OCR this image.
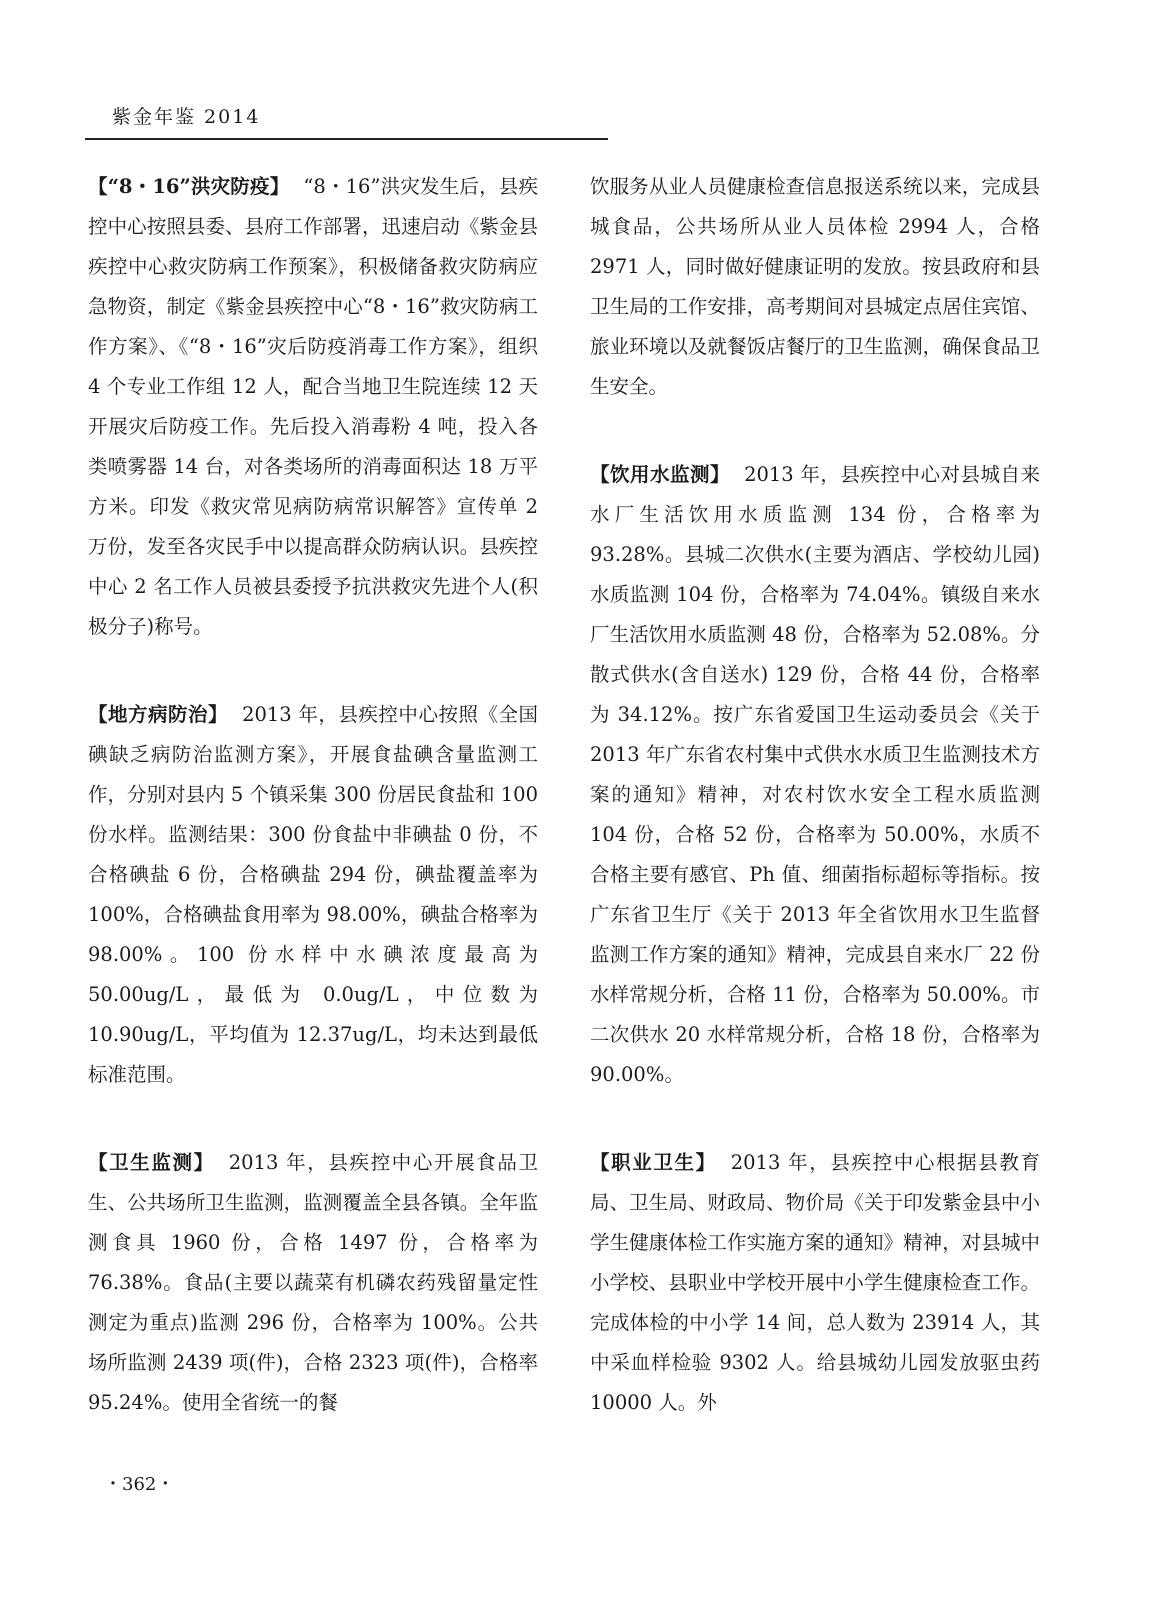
紫金年鉴 2014

【“8・16”洪灾防疫】 “8・16”洪灾发生后，县疾控中心按照县委、县府工作部署，迅速启动《紫金县疾控中心救灾防病工作预案》，积极储备救灾防病应急物资，制定《紫金县疾控中心“8・16”救灾防病工作方案》、《“8・16”灾后防疫消毒工作方案》，组织 4 个专业工作组 12 人，配合当地卫生院连续 12 天开展灾后防疫工作。先后投入消毒粉 4 吨，投入各类喷雾器 14 台，对各类场所的消毒面积达 18 万平方米。印发《救灾常见病防病常识解答》宣传单 2 万份，发至各灾民手中以提高群众防病认识。县疾控中心 2 名工作人员被县委授予抗洪救灾先进个人(积极分子)称号。

【地方病防治】 2013 年，县疾控中心按照《全国碘缺乏病防治监测方案》，开展食盐碘含量监测工作，分别对县内 5 个镇采集 300 份居民食盐和 100 份水样。监测结果：300 份食盐中非碘盐 0 份，不合格碘盐 6 份，合格碘盐 294 份，碘盐覆盖率为 100%，合格碘盐食用率为 98.00%，碘盐合格率为 98.00%。100 份水样中水碘浓度最高为 50.00ug/L，最低为 0.0ug/L，中位数为 10.90ug/L，平均值为 12.37ug/L，均未达到最低标准范围。

【卫生监测】 2013 年，县疾控中心开展食品卫生、公共场所卫生监测，监测覆盖全县各镇。全年监测食具 1960 份，合格 1497 份，合格率为 76.38%。食品(主要以蔬菜有机磷农药残留量定性测定为重点)监测 296 份，合格率为 100%。公共场所监测 2439 项(件)，合格 2323 项(件)，合格率 95.24%。使用全省统一的餐

饮服务从业人员健康检查信息报送系统以来，完成县城食品，公共场所从业人员体检 2994 人，合格 2971 人，同时做好健康证明的发放。按县政府和县卫生局的工作安排，高考期间对县城定点居住宾馆、旅业环境以及就餐饭店餐厅的卫生监测，确保食品卫生安全。

【饮用水监测】 2013 年，县疾控中心对县城自来水厂生活饮用水质监测 134 份，合格率为 93.28%。县城二次供水(主要为酒店、学校幼儿园)水质监测 104 份，合格率为 74.04%。镇级自来水厂生活饮用水质监测 48 份，合格率为 52.08%。分散式供水(含自送水) 129 份，合格 44 份，合格率为 34.12%。按广东省爱国卫生运动委员会《关于 2013 年广东省农村集中式供水水质卫生监测技术方案的通知》精神，对农村饮水安全工程水质监测 104 份，合格 52 份，合格率为 50.00%，水质不合格主要有感官、Ph 值、细菌指标超标等指标。按广东省卫生厅《关于 2013 年全省饮用水卫生监督监测工作方案的通知》精神，完成县自来水厂 22 份水样常规分析，合格 11 份，合格率为 50.00%。市二次供水 20 水样常规分析，合格 18 份，合格率为 90.00%。

【职业卫生】 2013 年，县疾控中心根据县教育局、卫生局、财政局、物价局《关于印发紫金县中小学生健康体检工作实施方案的通知》精神，对县城中小学校、县职业中学校开展中小学生健康检查工作。完成体检的中小学 14 间，总人数为 23914 人，其中采血样检验 9302 人。给县城幼儿园发放驱虫药 10000 人。外

・362・
